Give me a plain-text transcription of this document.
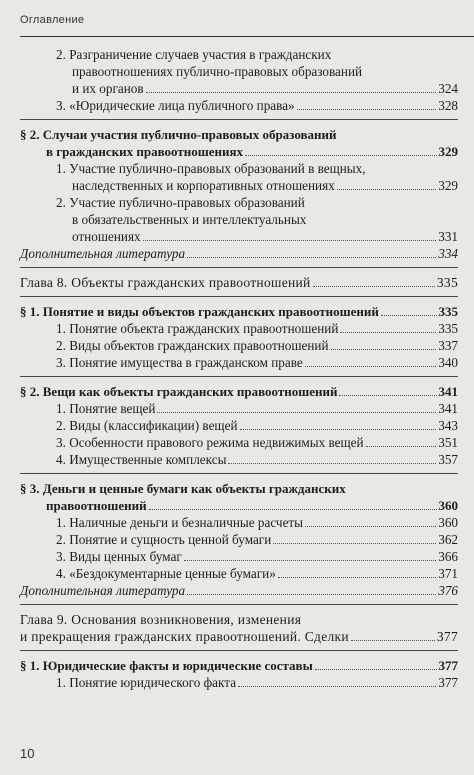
Оглавление
2. Разграничение случаев участия в гражданских
правоотношениях публично-правовых образований
и их органов	324
3. «Юридические лица публичного права»	328
§ 2. Случаи участия публично-правовых образований
в гражданских правоотношениях	329
1. Участие публично-правовых образований в вещных,
наследственных и корпоративных отношениях	329
2. Участие публично-правовых образований
в обязательственных и интеллектуальных
отношениях	331
Дополнительная литература	334
Глава 8. Объекты гражданских правоотношений	335
§ 1. Понятие и виды объектов гражданских правоотношений	335
1. Понятие объекта гражданских правоотношений	335
2. Виды объектов гражданских правоотношений	337
3. Понятие имущества в гражданском праве	340
§ 2. Вещи как объекты гражданских правоотношений	341
1. Понятие вещей	341
2. Виды (классификации) вещей	343
3. Особенности правового режима недвижимых вещей	351
4. Имущественные комплексы	357
§ 3. Деньги и ценные бумаги как объекты гражданских
правоотношений	360
1. Наличные деньги и безналичные расчеты	360
2. Понятие и сущность ценной бумаги	362
3. Виды ценных бумаг	366
4. «Бездокументарные ценные бумаги»	371
Дополнительная литература	376
Глава 9. Основания возникновения, изменения
и прекращения гражданских правоотношений. Сделки	377
§ 1. Юридические факты и юридические составы	377
1. Понятие юридического факта	377
10
